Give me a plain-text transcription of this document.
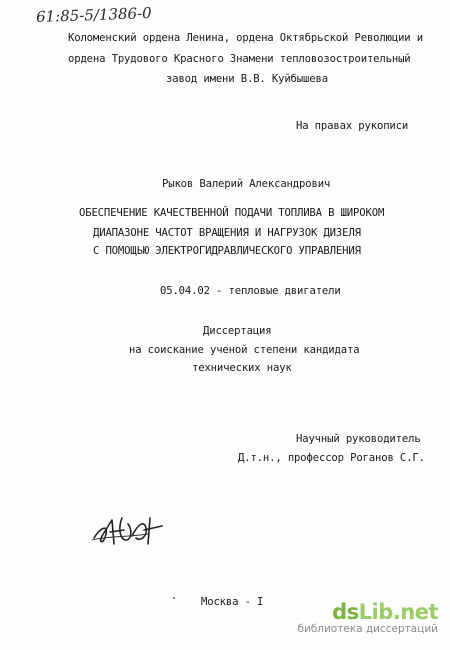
61:85-5/1386-0
Коломенский ордена Ленина, ордена Октябрьской Революции и
ордена Трудового Красного Знамени тепловозостроительный
завод имени В.В. Куйбышева
На правах рукописи
Рыков Валерий Александрович
ОБЕСПЕЧЕНИЕ КАЧЕСТВЕННОЙ ПОДАЧИ ТОПЛИВА В ШИРОКОМ
ДИАПАЗОНЕ ЧАСТОТ ВРАЩЕНИЯ И НАГРУЗОК ДИЗЕЛЯ
С ПОМОЩЬЮ ЭЛЕКТРОГИДРАВЛИЧЕСКОГО УПРАВЛЕНИЯ
05.04.02 - тепловые двигатели
Диссертация
на соискание ученой степени кандидата
технических наук
Научный руководитель
Д.т.н., профессор Роганов С.Г.
Москва - I	dsLib.net
библиотека диссертаций
